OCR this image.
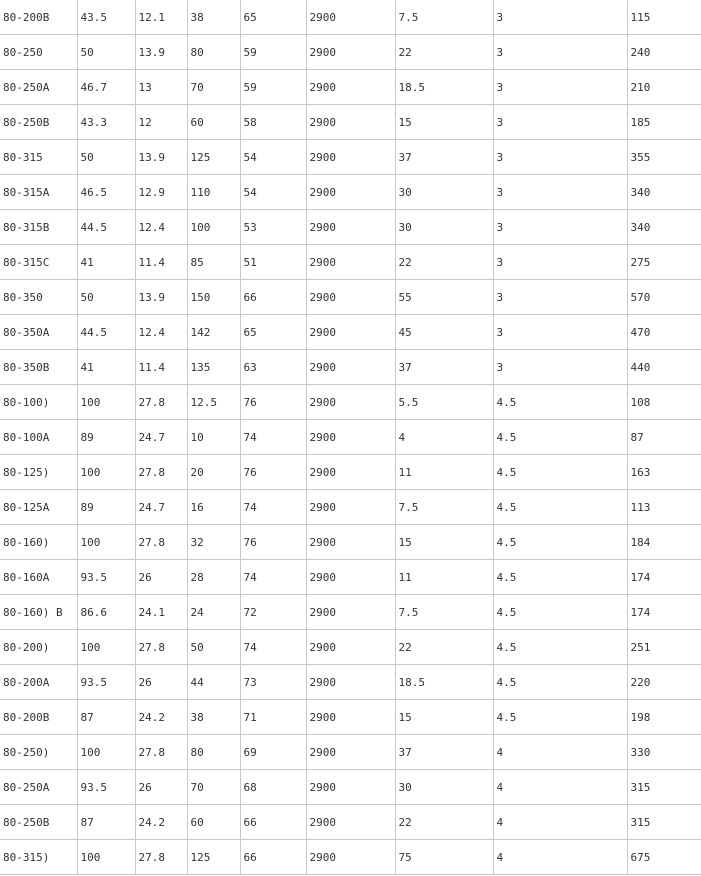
80-200B	43.5	12.1	38	65	2900	7.5	3	115
80-250	50	13.9	80	59	2900	22	3	240
80-250A	46.7	13	70	59	2900	18.5	3	210
80-250B	43.3	12	60	58	2900	15	3	185
80-315	50	13.9	125	54	2900	37	3	355
80-315A	46.5	12.9	110	54	2900	30	3	340
80-315B	44.5	12.4	100	53	2900	30	3	340
80-315C	41	11.4	85	51	2900	22	3	275
80-350	50	13.9	150	66	2900	55	3	570
80-350A	44.5	12.4	142	65	2900	45	3	470
80-350B	41	11.4	135	63	2900	37	3	440
80-100)	100	27.8	12.5	76	2900	5.5	4.5	108
80-100A	89	24.7	10	74	2900	4	4.5	87
80-125)	100	27.8	20	76	2900	11	4.5	163
80-125A	89	24.7	16	74	2900	7.5	4.5	113
80-160)	100	27.8	32	76	2900	15	4.5	184
80-160A	93.5	26	28	74	2900	11	4.5	174
80-160) B	86.6	24.1	24	72	2900	7.5	4.5	174
80-200)	100	27.8	50	74	2900	22	4.5	251
80-200A	93.5	26	44	73	2900	18.5	4.5	220
80-200B	87	24.2	38	71	2900	15	4.5	198
80-250)	100	27.8	80	69	2900	37	4	330
80-250A	93.5	26	70	68	2900	30	4	315
80-250B	87	24.2	60	66	2900	22	4	315
80-315)	100	27.8	125	66	2900	75	4	675
